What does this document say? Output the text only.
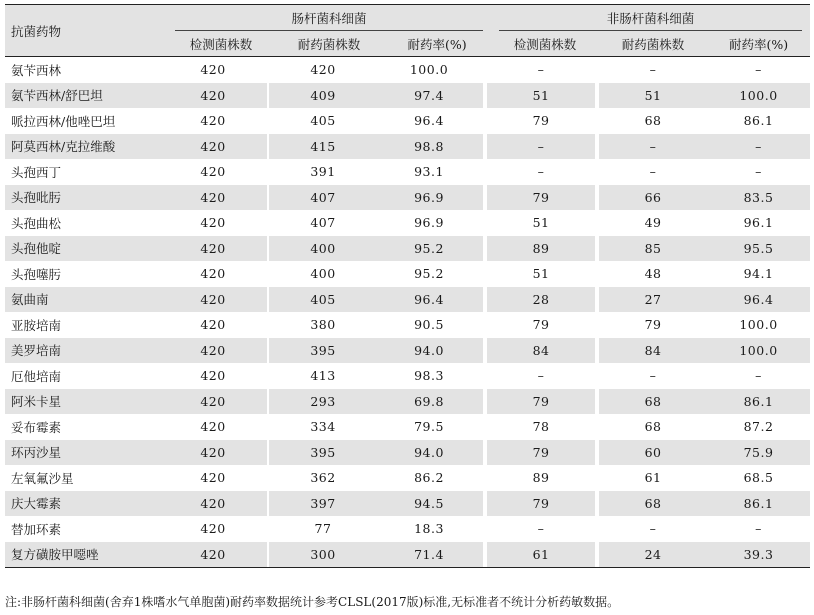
抗菌药物	肠杆菌科细菌	非肠杆菌科细菌

检测菌株数	耐药菌株数	耐药率(%)	检测菌株数	耐药菌株数	耐药率(%)
氨苄西林	420	420	100.0	–	–	–
氨苄西林/舒巴坦	420	409	97.4	51	51	100.0
哌拉西林/他唑巴坦	420	405	96.4	79	68	86.1
阿莫西林/克拉维酸	420	415	98.8	–	–	–
头孢西丁	420	391	93.1	–	–	–
头孢吡肟	420	407	96.9	79	66	83.5
头孢曲松	420	407	96.9	51	49	96.1
头孢他啶	420	400	95.2	89	85	95.5
头孢噻肟	420	400	95.2	51	48	94.1
氨曲南	420	405	96.4	28	27	96.4
亚胺培南	420	380	90.5	79	79	100.0
美罗培南	420	395	94.0	84	84	100.0
厄他培南	420	413	98.3	–	–	–
阿米卡星	420	293	69.8	79	68	86.1
妥布霉素	420	334	79.5	78	68	87.2
环丙沙星	420	395	94.0	79	60	75.9
左氧氟沙星	420	362	86.2	89	61	68.5
庆大霉素	420	397	94.5	79	68	86.1
替加环素	420	77	18.3	–	–	–
复方磺胺甲噁唑	420	300	71.4	61	24	39.3
注:非肠杆菌科细菌(舍弃1株嗜水气单胞菌)耐药率数据统计参考CLSL(2017版)标准,无标准者不统计分析药敏数据。
